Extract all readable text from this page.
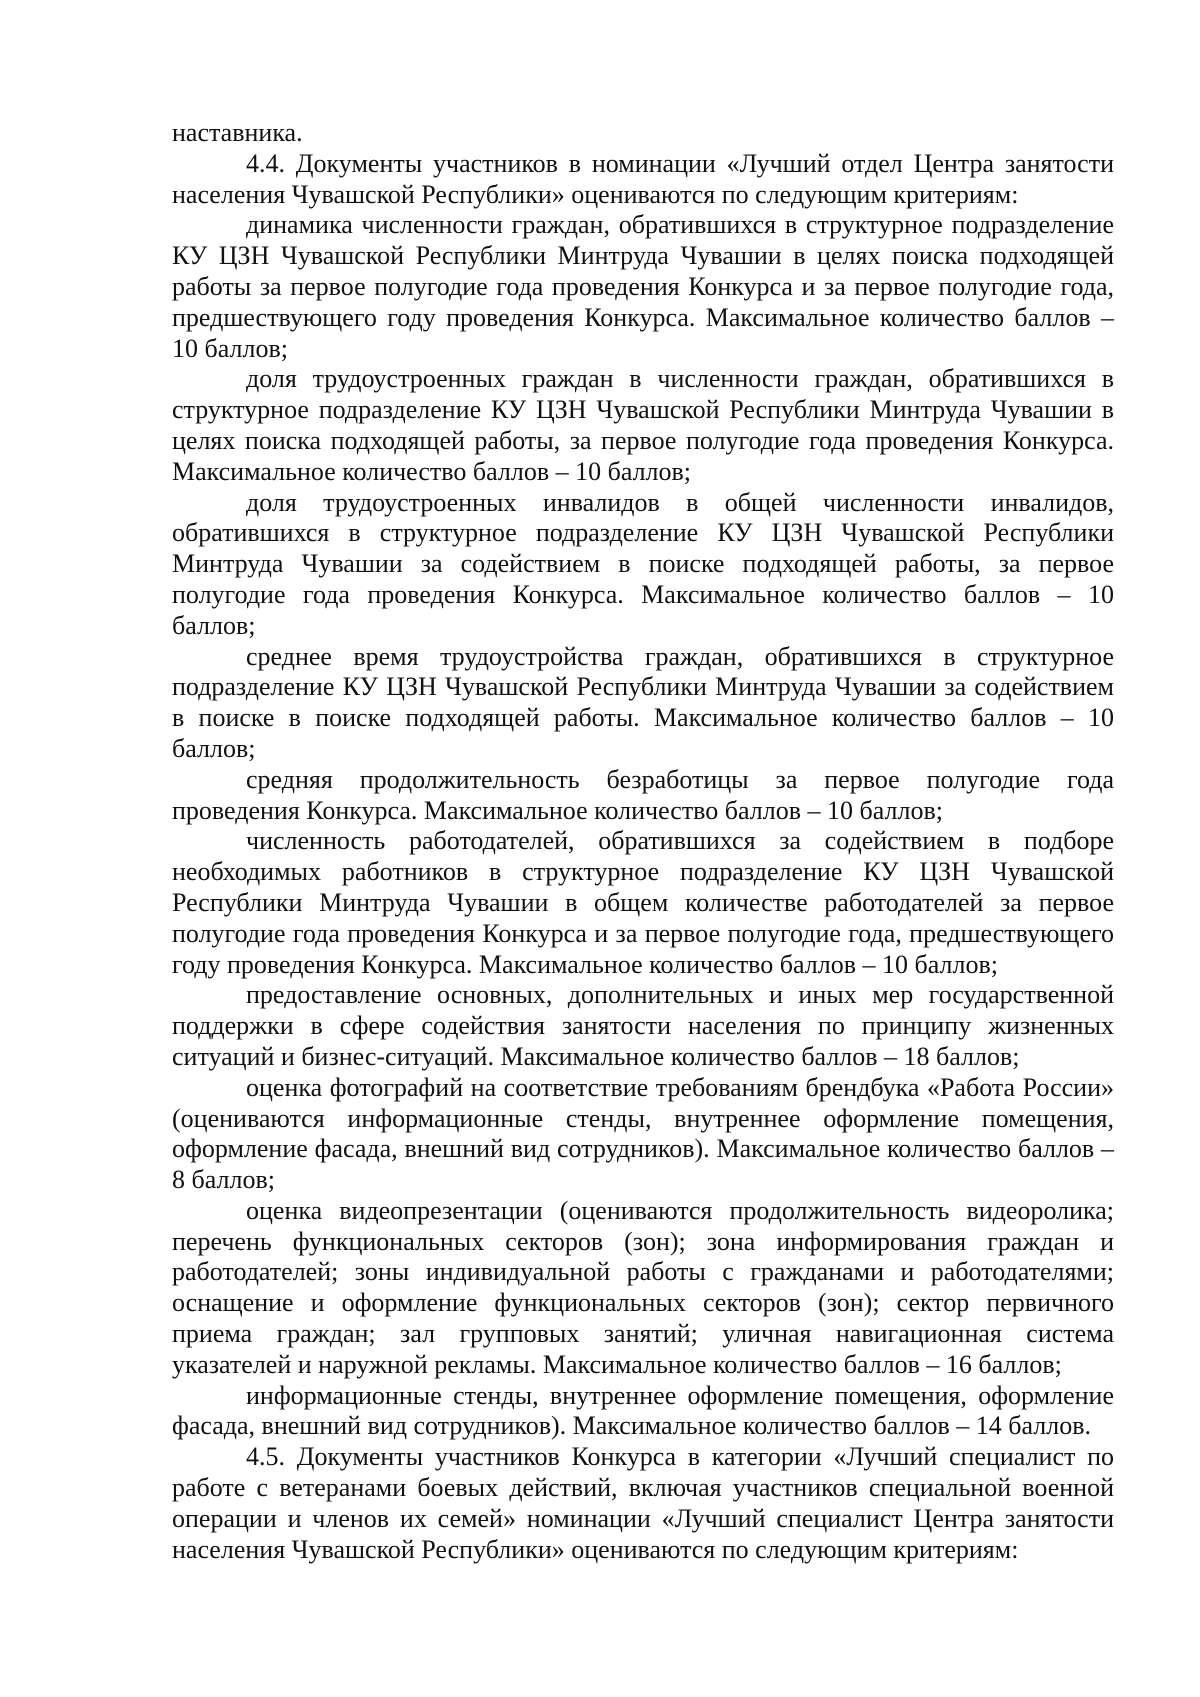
наставника.

4.4. Документы участников в номинации «Лучший отдел Центра занятости населения Чувашской Республики» оцениваются по следующим критериям:

динамика численности граждан, обратившихся в структурное подразделение КУ ЦЗН Чувашской Республики Минтруда Чувашии в целях поиска подходящей работы за первое полугодие года проведения Конкурса и за первое полугодие года, предшествующего году проведения Конкурса. Максимальное количество баллов – 10 баллов;

доля трудоустроенных граждан в численности граждан, обратившихся в структурное подразделение КУ ЦЗН Чувашской Республики Минтруда Чувашии в целях поиска подходящей работы, за первое полугодие года проведения Конкурса. Максимальное количество баллов – 10 баллов;

доля трудоустроенных инвалидов в общей численности инвалидов, обратившихся в структурное подразделение КУ ЦЗН Чувашской Республики Минтруда Чувашии за содействием в поиске подходящей работы, за первое полугодие года проведения Конкурса. Максимальное количество баллов – 10 баллов;

среднее время трудоустройства граждан, обратившихся в структурное подразделение КУ ЦЗН Чувашской Республики Минтруда Чувашии за содействием в поиске в поиске подходящей работы. Максимальное количество баллов – 10 баллов;

средняя продолжительность безработицы за первое полугодие года проведения Конкурса. Максимальное количество баллов – 10 баллов;

численность работодателей, обратившихся за содействием в подборе необходимых работников в структурное подразделение КУ ЦЗН Чувашской Республики Минтруда Чувашии в общем количестве работодателей за первое полугодие года проведения Конкурса и за первое полугодие года, предшествующего году проведения Конкурса. Максимальное количество баллов – 10 баллов;

предоставление основных, дополнительных и иных мер государственной поддержки в сфере содействия занятости населения по принципу жизненных ситуаций и бизнес-ситуаций. Максимальное количество баллов – 18 баллов;

оценка фотографий на соответствие требованиям брендбука «Работа России» (оцениваются информационные стенды, внутреннее оформление помещения, оформление фасада, внешний вид сотрудников). Максимальное количество баллов – 8 баллов;

оценка видеопрезентации (оцениваются продолжительность видеоролика; перечень функциональных секторов (зон); зона информирования граждан и работодателей; зоны индивидуальной работы с гражданами и работодателями; оснащение и оформление функциональных секторов (зон); сектор первичного приема граждан; зал групповых занятий; уличная навигационная система указателей и наружной рекламы. Максимальное количество баллов – 16 баллов;

информационные стенды, внутреннее оформление помещения, оформление фасада, внешний вид сотрудников). Максимальное количество баллов – 14 баллов.

4.5. Документы участников Конкурса в категории «Лучший специалист по работе с ветеранами боевых действий, включая участников специальной военной операции и членов их семей» номинации «Лучший специалист Центра занятости населения Чувашской Республики» оцениваются по следующим критериям:
